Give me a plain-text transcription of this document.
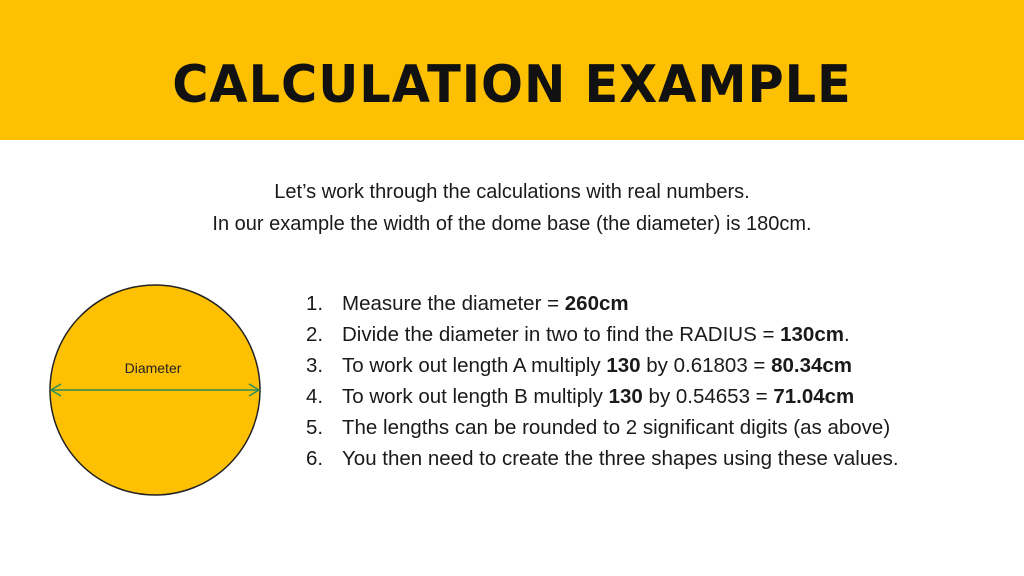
CALCULATION EXAMPLE
Let’s work through the calculations with real numbers.
In our example the width of the dome base (the diameter) is 180cm.
Diameter
1. Measure the diameter = 260cm
2. Divide the diameter in two to find the RADIUS = 130cm.
3. To work out length A multiply 130 by 0.61803 = 80.34cm
4. To work out length B multiply 130 by 0.54653 = 71.04cm
5. The lengths can be rounded to 2 significant digits (as above)
6. You then need to create the three shapes using these values.
